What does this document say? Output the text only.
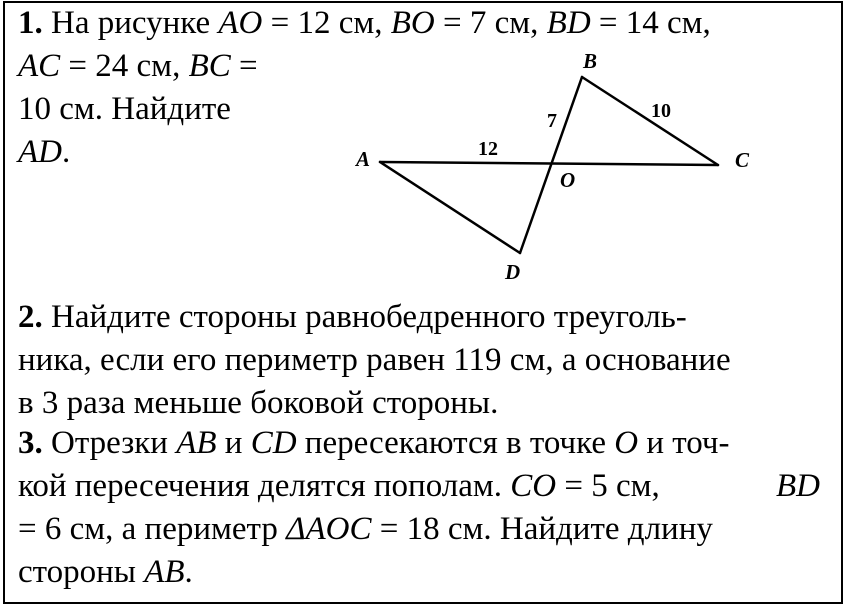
1. На рисунке AO = 12 см, BO = 7 см, BD = 14 см,

AC = 24 см, BC =

10 см. Найдите

AD.

B
A	C
O
D
12
7	10

2. Найдите стороны равнобедренного треуголь-

ника, если его периметр равен 119 см, а основание

в 3 раза меньше боковой стороны.

3. Отрезки AB и CD пересекаются в точке O и точ-

кой пересечения делятся пополам. CO = 5 см,	BD

= 6 см, а периметр ΔAOC = 18 см. Найдите длину

стороны AB.
